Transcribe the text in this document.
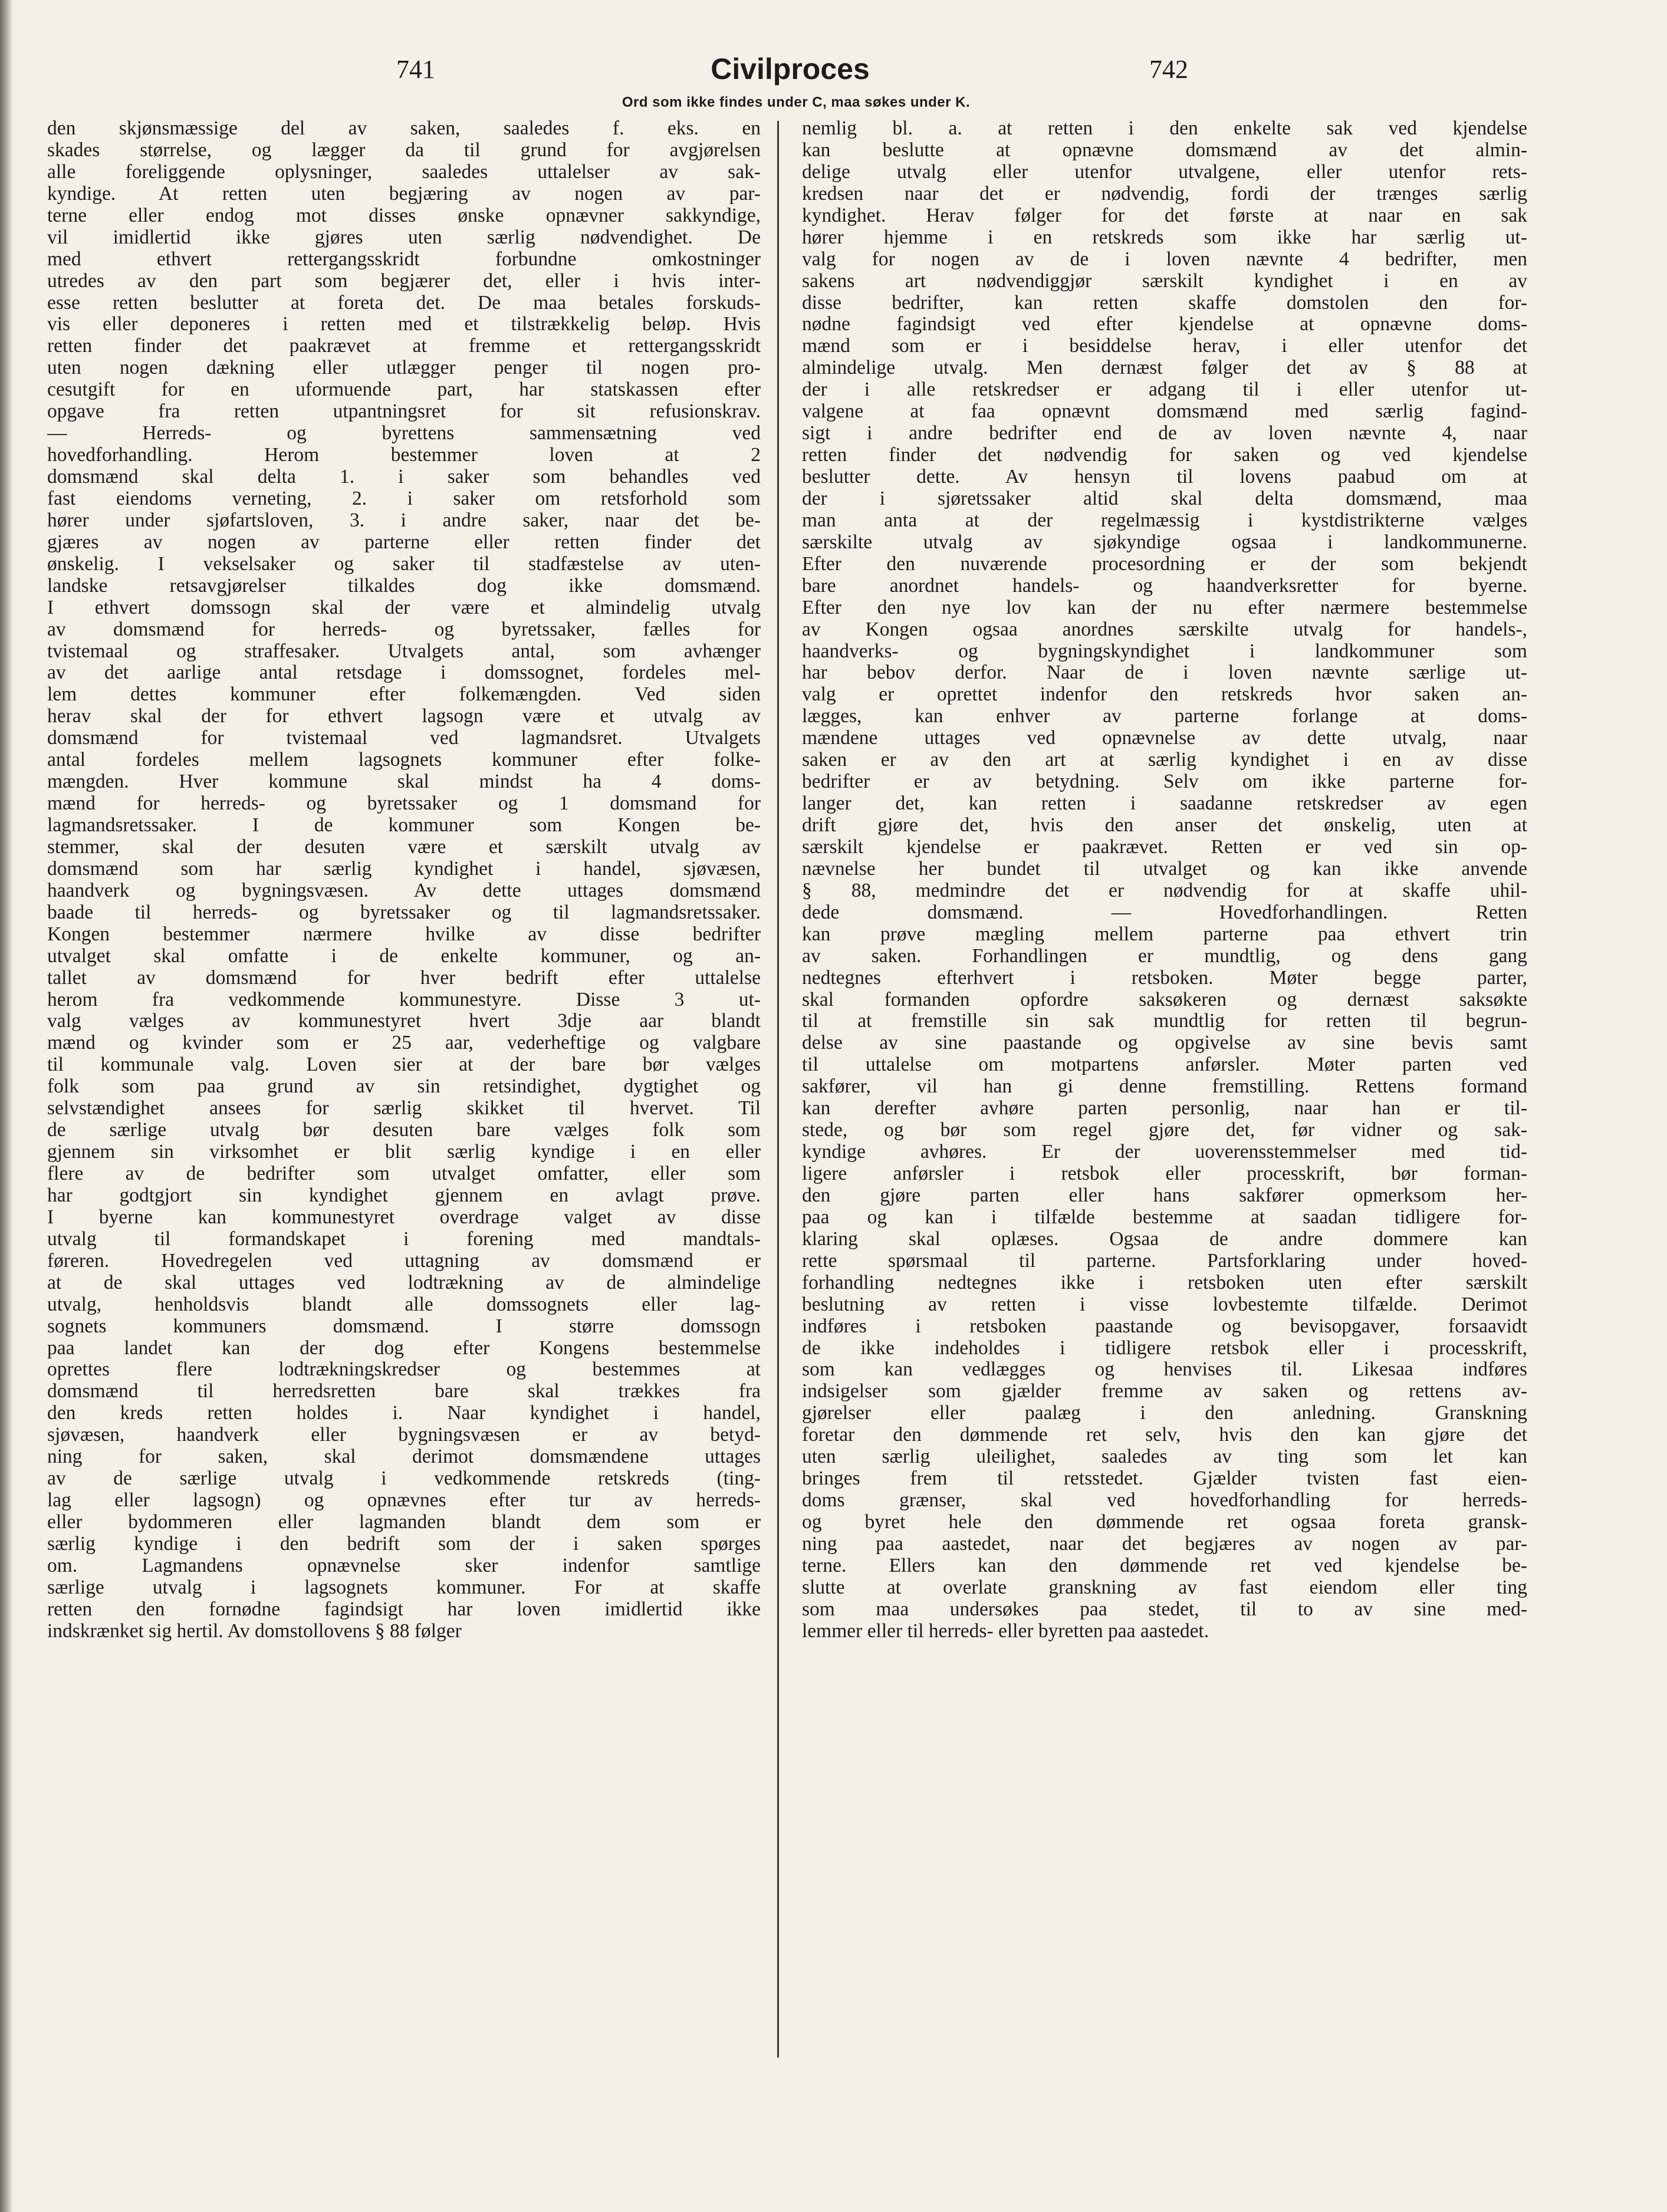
741	Civilproces	742
Ord som ikke findes under C, maa søkes under K.
den skjønsmæssige del av saken, saaledes f. eks. en
skades størrelse, og lægger da til grund for avgjørelsen
alle foreliggende oplysninger, saaledes uttalelser av sak-
kyndige. At retten uten begjæring av nogen av par-
terne eller endog mot disses ønske opnævner sakkyndige,
vil imidlertid ikke gjøres uten særlig nødvendighet. De
med ethvert rettergangsskridt forbundne omkostninger
utredes av den part som begjærer det, eller i hvis inter-
esse retten beslutter at foreta det. De maa betales forskuds-
vis eller deponeres i retten med et tilstrækkelig beløp. Hvis
retten finder det paakrævet at fremme et rettergangsskridt
uten nogen dækning eller utlægger penger til nogen pro-
cesutgift for en uformuende part, har statskassen efter
opgave fra retten utpantningsret for sit refusionskrav.
— Herreds- og byrettens sammensætning ved
hovedforhandling. Herom bestemmer loven at 2
domsmænd skal delta 1. i saker som behandles ved
fast eiendoms verneting, 2. i saker om retsforhold som
hører under sjøfartsloven, 3. i andre saker, naar det be-
gjæres av nogen av parterne eller retten finder det
ønskelig. I vekselsaker og saker til stadfæstelse av uten-
landske retsavgjørelser tilkaldes dog ikke domsmænd.
I ethvert domssogn skal der være et almindelig utvalg
av domsmænd for herreds- og byretssaker, fælles for
tvistemaal og straffesaker. Utvalgets antal, som avhænger
av det aarlige antal retsdage i domssognet, fordeles mel-
lem dettes kommuner efter folkemængden. Ved siden
herav skal der for ethvert lagsogn være et utvalg av
domsmænd for tvistemaal ved lagmandsret. Utvalgets
antal fordeles mellem lagsognets kommuner efter folke-
mængden. Hver kommune skal mindst ha 4 doms-
mænd for herreds- og byretssaker og 1 domsmand for
lagmandsretssaker. I de kommuner som Kongen be-
stemmer, skal der desuten være et særskilt utvalg av
domsmænd som har særlig kyndighet i handel, sjøvæsen,
haandverk og bygningsvæsen. Av dette uttages domsmænd
baade til herreds- og byretssaker og til lagmandsretssaker.
Kongen bestemmer nærmere hvilke av disse bedrifter
utvalget skal omfatte i de enkelte kommuner, og an-
tallet av domsmænd for hver bedrift efter uttalelse
herom fra vedkommende kommunestyre. Disse 3 ut-
valg vælges av kommunestyret hvert 3dje aar blandt
mænd og kvinder som er 25 aar, vederheftige og valgbare
til kommunale valg. Loven sier at der bare bør vælges
folk som paa grund av sin retsindighet, dygtighet og
selvstændighet ansees for særlig skikket til hvervet. Til
de særlige utvalg bør desuten bare vælges folk som
gjennem sin virksomhet er blit særlig kyndige i en eller
flere av de bedrifter som utvalget omfatter, eller som
har godtgjort sin kyndighet gjennem en avlagt prøve.
I byerne kan kommunestyret overdrage valget av disse
utvalg til formandskapet i forening med mandtals-
føreren. Hovedregelen ved uttagning av domsmænd er
at de skal uttages ved lodtrækning av de almindelige
utvalg, henholdsvis blandt alle domssognets eller lag-
sognets kommuners domsmænd. I større domssogn
paa landet kan der dog efter Kongens bestemmelse
oprettes flere lodtrækningskredser og bestemmes at
domsmænd til herredsretten bare skal trækkes fra
den kreds retten holdes i. Naar kyndighet i handel,
sjøvæsen, haandverk eller bygningsvæsen er av betyd-
ning for saken, skal derimot domsmændene uttages
av de særlige utvalg i vedkommende retskreds (ting-
lag eller lagsogn) og opnævnes efter tur av herreds-
eller bydommeren eller lagmanden blandt dem som er
særlig kyndige i den bedrift som der i saken spørges
om. Lagmandens opnævnelse sker indenfor samtlige
særlige utvalg i lagsognets kommuner. For at skaffe
retten den fornødne fagindsigt har loven imidlertid ikke
indskrænket sig hertil. Av domstollovens § 88 følger
nemlig bl. a. at retten i den enkelte sak ved kjendelse
kan beslutte at opnævne domsmænd av det almin-
delige utvalg eller utenfor utvalgene, eller utenfor rets-
kredsen naar det er nødvendig, fordi der trænges særlig
kyndighet. Herav følger for det første at naar en sak
hører hjemme i en retskreds som ikke har særlig ut-
valg for nogen av de i loven nævnte 4 bedrifter, men
sakens art nødvendiggjør særskilt kyndighet i en av
disse bedrifter, kan retten skaffe domstolen den for-
nødne fagindsigt ved efter kjendelse at opnævne doms-
mænd som er i besiddelse herav, i eller utenfor det
almindelige utvalg. Men dernæst følger det av § 88 at
der i alle retskredser er adgang til i eller utenfor ut-
valgene at faa opnævnt domsmænd med særlig fagind-
sigt i andre bedrifter end de av loven nævnte 4, naar
retten finder det nødvendig for saken og ved kjendelse
beslutter dette. Av hensyn til lovens paabud om at
der i sjøretssaker altid skal delta domsmænd, maa
man anta at der regelmæssig i kystdistrikterne vælges
særskilte utvalg av sjøkyndige ogsaa i landkommunerne.
Efter den nuværende procesordning er der som bekjendt
bare anordnet handels- og haandverksretter for byerne.
Efter den nye lov kan der nu efter nærmere bestemmelse
av Kongen ogsaa anordnes særskilte utvalg for handels-,
haandverks- og bygningskyndighet i landkommuner som
har bebov derfor. Naar de i loven nævnte særlige ut-
valg er oprettet indenfor den retskreds hvor saken an-
lægges, kan enhver av parterne forlange at doms-
mændene uttages ved opnævnelse av dette utvalg, naar
saken er av den art at særlig kyndighet i en av disse
bedrifter er av betydning. Selv om ikke parterne for-
langer det, kan retten i saadanne retskredser av egen
drift gjøre det, hvis den anser det ønskelig, uten at
særskilt kjendelse er paakrævet. Retten er ved sin op-
nævnelse her bundet til utvalget og kan ikke anvende
§ 88, medmindre det er nødvendig for at skaffe uhil-
dede domsmænd. — Hovedforhandlingen. Retten
kan prøve mægling mellem parterne paa ethvert trin
av saken. Forhandlingen er mundtlig, og dens gang
nedtegnes efterhvert i retsboken. Møter begge parter,
skal formanden opfordre saksøkeren og dernæst saksøkte
til at fremstille sin sak mundtlig for retten til begrun-
delse av sine paastande og opgivelse av sine bevis samt
til uttalelse om motpartens anførsler. Møter parten ved
sakfører, vil han gi denne fremstilling. Rettens formand
kan derefter avhøre parten personlig, naar han er til-
stede, og bør som regel gjøre det, før vidner og sak-
kyndige avhøres. Er der uoverensstemmelser med tid-
ligere anførsler i retsbok eller processkrift, bør forman-
den gjøre parten eller hans sakfører opmerksom her-
paa og kan i tilfælde bestemme at saadan tidligere for-
klaring skal oplæses. Ogsaa de andre dommere kan
rette spørsmaal til parterne. Partsforklaring under hoved-
forhandling nedtegnes ikke i retsboken uten efter særskilt
beslutning av retten i visse lovbestemte tilfælde. Derimot
indføres i retsboken paastande og bevisopgaver, forsaavidt
de ikke indeholdes i tidligere retsbok eller i processkrift,
som kan vedlægges og henvises til. Likesaa indføres
indsigelser som gjælder fremme av saken og rettens av-
gjørelser eller paalæg i den anledning. Granskning
foretar den dømmende ret selv, hvis den kan gjøre det
uten særlig uleilighet, saaledes av ting som let kan
bringes frem til retsstedet. Gjælder tvisten fast eien-
doms grænser, skal ved hovedforhandling for herreds-
og byret hele den dømmende ret ogsaa foreta gransk-
ning paa aastedet, naar det begjæres av nogen av par-
terne. Ellers kan den dømmende ret ved kjendelse be-
slutte at overlate granskning av fast eiendom eller ting
som maa undersøkes paa stedet, til to av sine med-
lemmer eller til herreds- eller byretten paa aastedet.
